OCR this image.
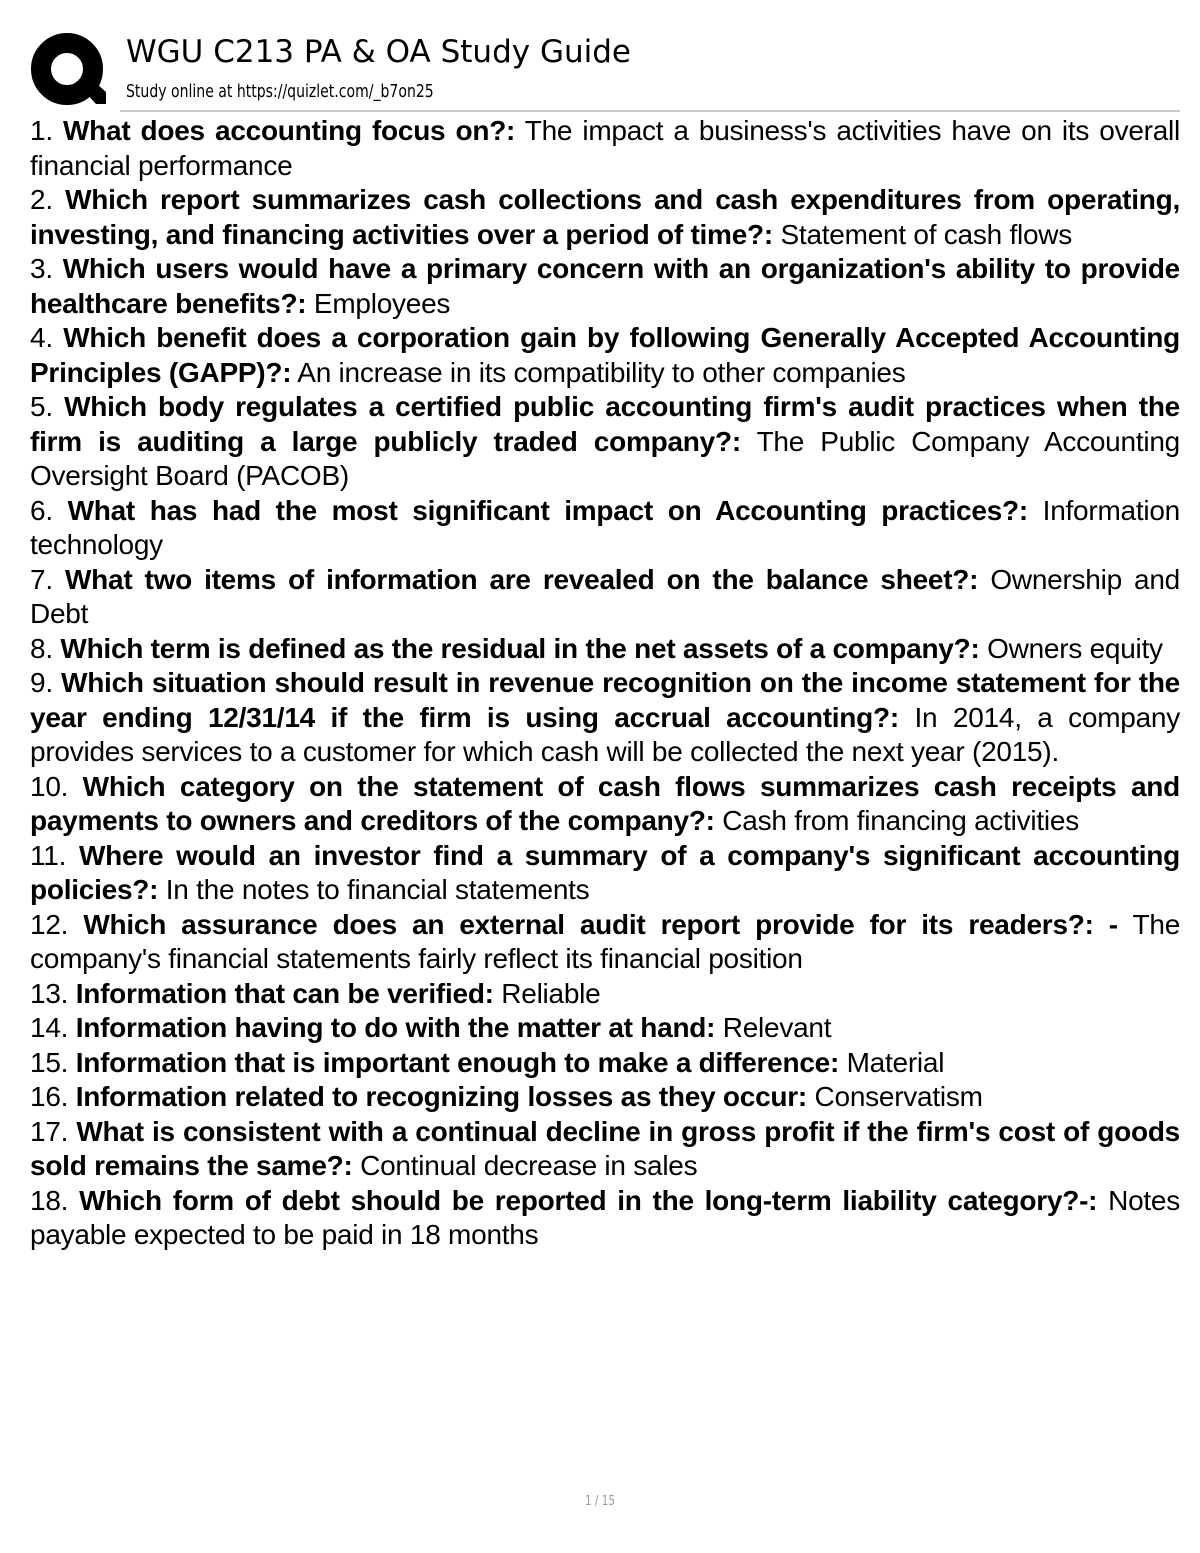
WGU C213 PA & OA Study Guide
Study online at https://quizlet.com/_b7on25

1. What does accounting focus on?: The impact a business's activities have on its overall financial performance

2. Which report summarizes cash collections and cash expenditures from operating, investing, and financing activities over a period of time?: Statement of cash flows

3. Which users would have a primary concern with an organization's ability to provide healthcare benefits?: Employees

4. Which benefit does a corporation gain by following Generally Accepted Accounting Principles (GAPP)?: An increase in its compatibility to other companies

5. Which body regulates a certified public accounting firm's audit practices when the firm is auditing a large publicly traded company?: The Public Company Accounting Oversight Board (PACOB)

6. What has had the most significant impact on Accounting practices?: Information technology

7. What two items of information are revealed on the balance sheet?: Ownership and Debt

8. Which term is defined as the residual in the net assets of a company?: Owners equity

9. Which situation should result in revenue recognition on the income statement for the year ending 12/31/14 if the firm is using accrual accounting?: In 2014, a company provides services to a customer for which cash will be collected the next year (2015).

10. Which category on the statement of cash flows summarizes cash receipts and payments to owners and creditors of the company?: Cash from financing activities

11. Where would an investor find a summary of a company's significant accounting policies?: In the notes to financial statements

12. Which assurance does an external audit report provide for its readers?: - The company's financial statements fairly reflect its financial position

13. Information that can be verified: Reliable

14. Information having to do with the matter at hand: Relevant

15. Information that is important enough to make a difference: Material

16. Information related to recognizing losses as they occur: Conservatism

17. What is consistent with a continual decline in gross profit if the firm's cost of goods sold remains the same?: Continual decrease in sales

18. Which form of debt should be reported in the long-term liability category?-: Notes payable expected to be paid in 18 months

1 / 15
